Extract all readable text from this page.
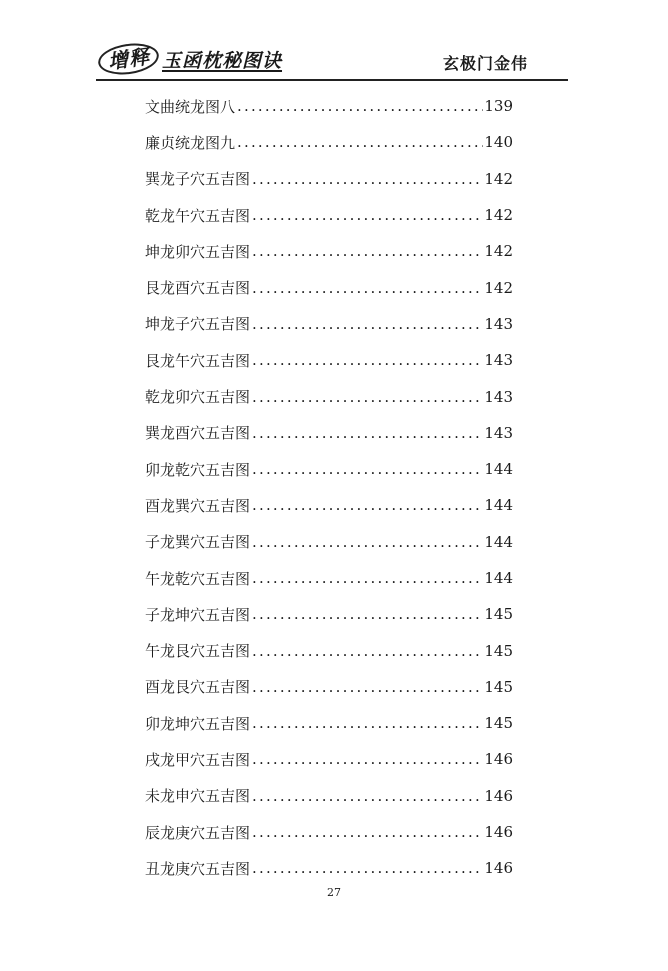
增释 玉函枕秘图诀	玄极门金伟
文曲统龙图八 .....	139
廉贞统龙图九 .....	140
巽龙子穴五吉图 .....	142
乾龙午穴五吉图 .....	142
坤龙卯穴五吉图 .....	142
艮龙酉穴五吉图 .....	142
坤龙子穴五吉图 .....	143
艮龙午穴五吉图 .....	143
乾龙卯穴五吉图 .....	143
巽龙酉穴五吉图 .....	143
卯龙乾穴五吉图 .....	144
酉龙巽穴五吉图 .....	144
子龙巽穴五吉图 .....	144
午龙乾穴五吉图 .....	144
子龙坤穴五吉图 .....	145
午龙艮穴五吉图 .....	145
酉龙艮穴五吉图 .....	145
卯龙坤穴五吉图 .....	145
戌龙甲穴五吉图 .....	146
未龙申穴五吉图 .....	146
辰龙庚穴五吉图 .....	146
丑龙庚穴五吉图 .....	146
27
